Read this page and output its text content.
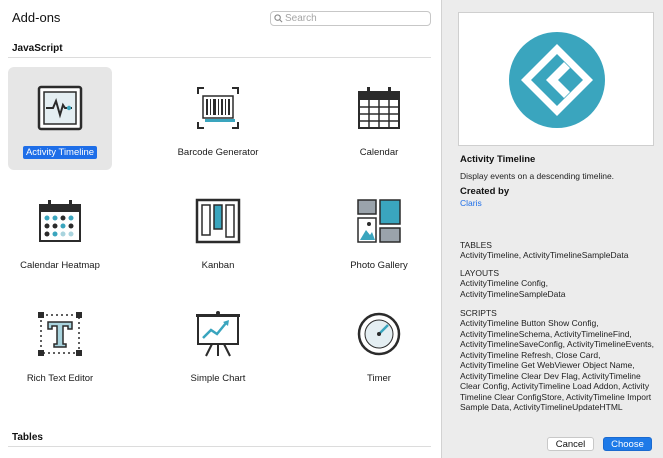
Add-ons	Search
JavaScript
Activity Timeline	Barcode Generator	Calendar
Calendar Heatmap	Kanban	Photo Gallery
Rich Text Editor	Simple Chart	Timer
Tables
Activity Timeline
Display events on a descending timeline.
Created by
Claris
TABLES
ActivityTimeline, ActivityTimelineSampleData
LAYOUTS
ActivityTimeline Config, ActivityTimelineSampleData
SCRIPTS
ActivityTimeline Button Show Config, ActivityTimelineSchema, ActivityTimelineFind, ActivityTimelineSaveConfig, ActivityTimelineEvents, ActivityTimeline Refresh, Close Card, ActivityTimeline Get WebViewer Object Name, ActivityTimeline Clear Dev Flag, ActivityTimeline Clear Config, ActivityTimeline Load Addon, Activity Timeline Clear ConfigStore, ActivityTimeline Import Sample Data, ActivityTimelineUpdateHTML
Cancel	Choose
